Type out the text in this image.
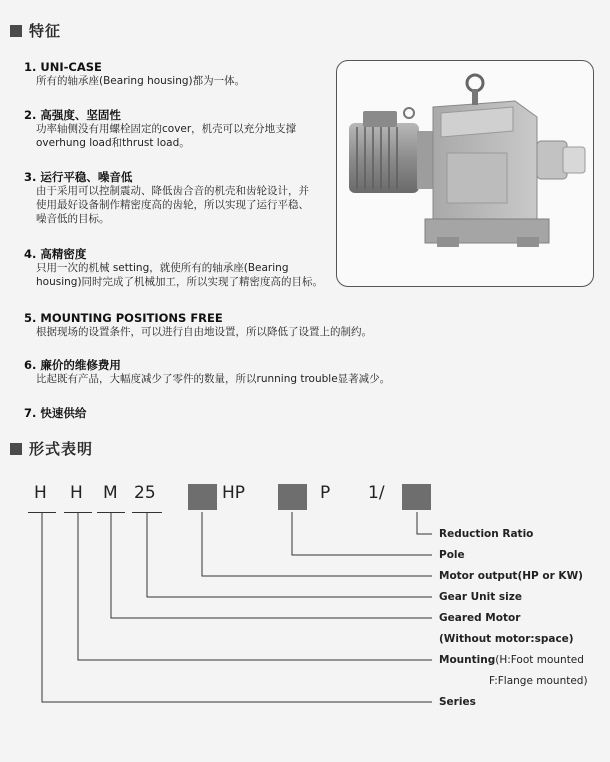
特征
1. UNI-CASE
所有的轴承座(Bearing housing)都为一体。
2. 高强度、坚固性
功率轴侧没有用螺栓固定的cover，机壳可以充分地支撑
overhung load和thrust load。
3. 运行平稳、噪音低
由于采用可以控制震动、降低齿合音的机壳和齿轮设计，并
使用最好设备制作精密度高的齿轮，所以实现了运行平稳、
噪音低的目标。
4. 高精密度
只用一次的机械 setting，就使所有的轴承座(Bearing
housing)同时完成了机械加工，所以实现了精密度高的目标。
5. MOUNTING POSITIONS FREE
根据现场的设置条件，可以进行自由地设置，所以降低了设置上的制约。
6. 廉价的维修费用
比起既有产品，大幅度减少了零件的数量，所以running trouble显著减少。
7. 快速供给
形式表明
H H M 25	HP	P 1/
Reduction Ratio
Pole
Motor output(HP or KW)
Gear Unit size
Geared Motor
(Without motor:space)
Mounting(H:Foot mounted
F:Flange mounted)
Series
